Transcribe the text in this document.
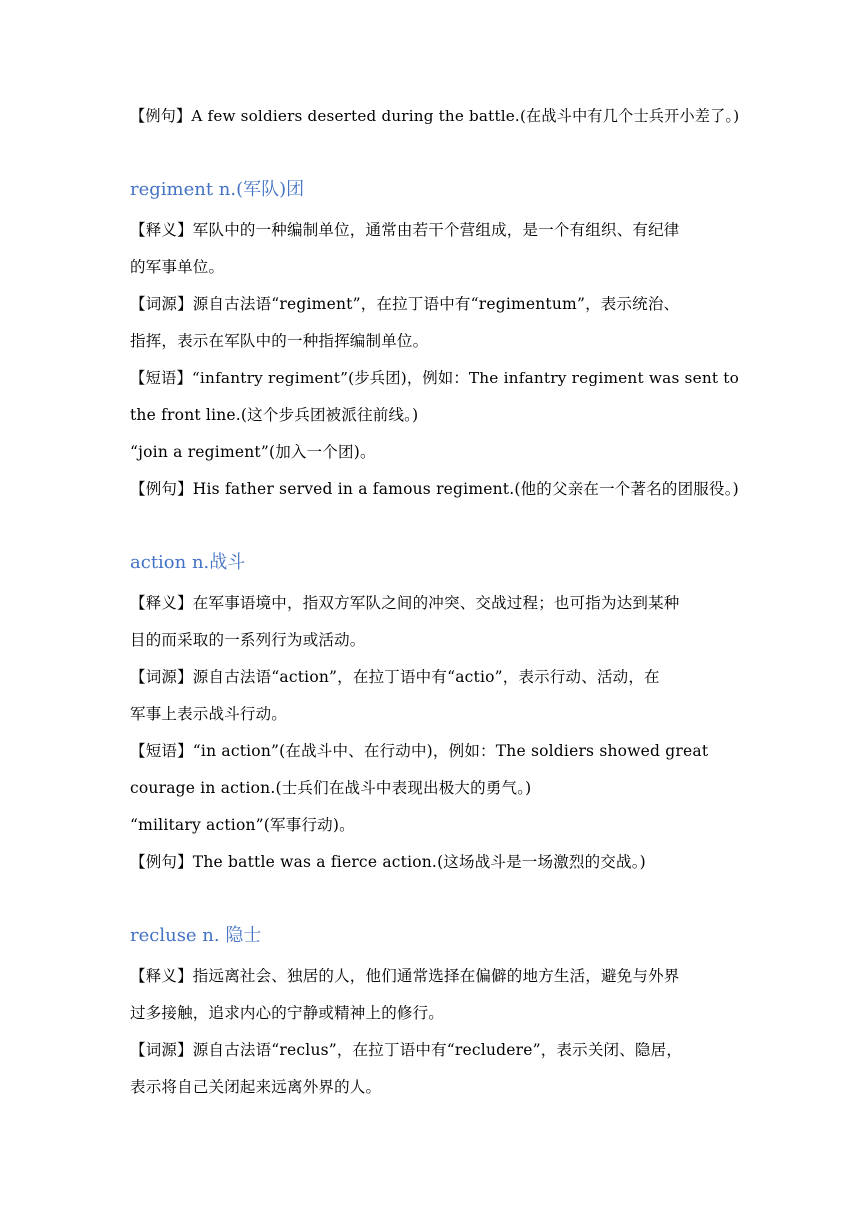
【例句】A few soldiers deserted during the battle.(在战斗中有几个士兵开小差了。)
regiment n.(军队)团
【释义】军队中的一种编制单位，通常由若干个营组成，是一个有组织、有纪律
的军事单位。
【词源】源自古法语“regiment”，在拉丁语中有“regimentum”，表示统治、
指挥，表示在军队中的一种指挥编制单位。
【短语】“infantry regiment”(步兵团)，例如：The infantry regiment was sent to
the front line.(这个步兵团被派往前线。)
“join a regiment”(加入一个团)。
【例句】His father served in a famous regiment.(他的父亲在一个著名的团服役。)
action n.战斗
【释义】在军事语境中，指双方军队之间的冲突、交战过程；也可指为达到某种
目的而采取的一系列行为或活动。
【词源】源自古法语“action”，在拉丁语中有“actio”，表示行动、活动，在
军事上表示战斗行动。
【短语】“in action”(在战斗中、在行动中)，例如：The soldiers showed great
courage in action.(士兵们在战斗中表现出极大的勇气。)
“military action”(军事行动)。
【例句】The battle was a fierce action.(这场战斗是一场激烈的交战。)
recluse n. 隐士
【释义】指远离社会、独居的人，他们通常选择在偏僻的地方生活，避免与外界
过多接触，追求内心的宁静或精神上的修行。
【词源】源自古法语“reclus”，在拉丁语中有“recludere”，表示关闭、隐居，
表示将自己关闭起来远离外界的人。
